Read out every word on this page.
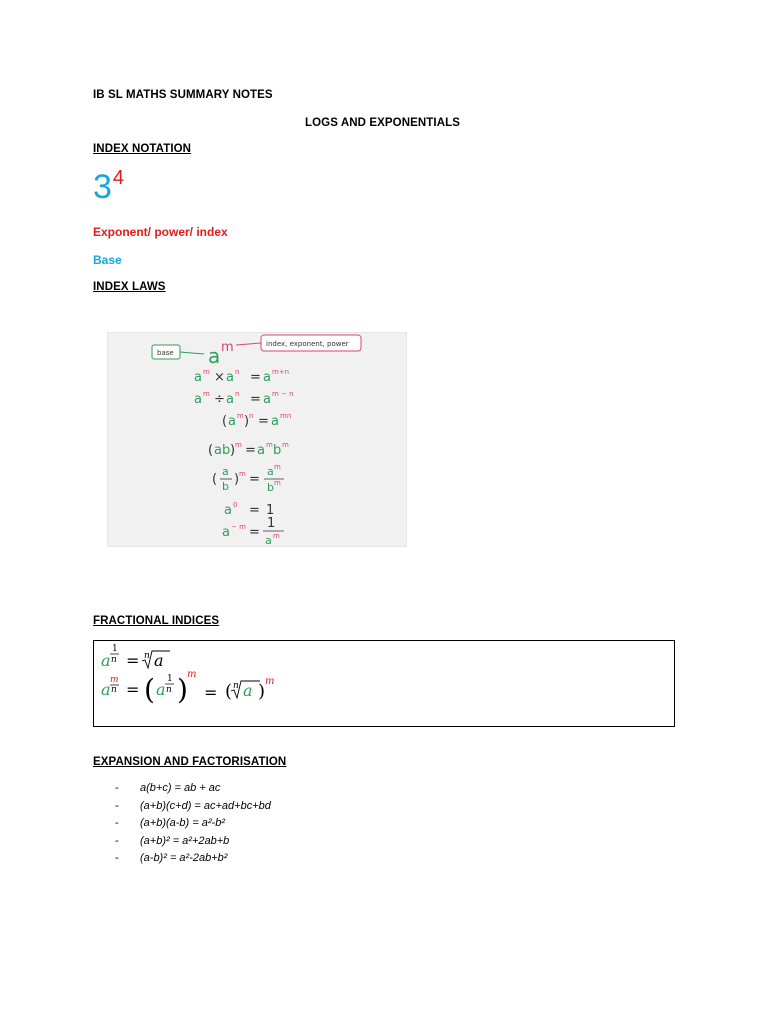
IB SL MATHS SUMMARY NOTES
LOGS AND EXPONENTIALS
INDEX NOTATION
$3^4$
Exponent/ power/ index
Base
INDEX LAWS
base
index, exponent, power
a m
a m × a n = a m+n
a m ÷ a n = a m − n
( a m ) n = a mn
( ab ) m = a m b m
(
a
b ) m =
a m
b m
a 0 = 1
a − m =
1
a m
FRACTIONAL INDICES
a
1
n = n a
a m
n = ( a
1
n ) m
= ( n a ) m
EXPANSION AND FACTORISATION
- a(b+c) = ab + ac
- (a+b)(c+d) = ac+ad+bc+bd
- (a+b)(a-b) = a²-b²
- (a+b)² = a²+2ab+b
- (a-b)² = a²-2ab+b²
